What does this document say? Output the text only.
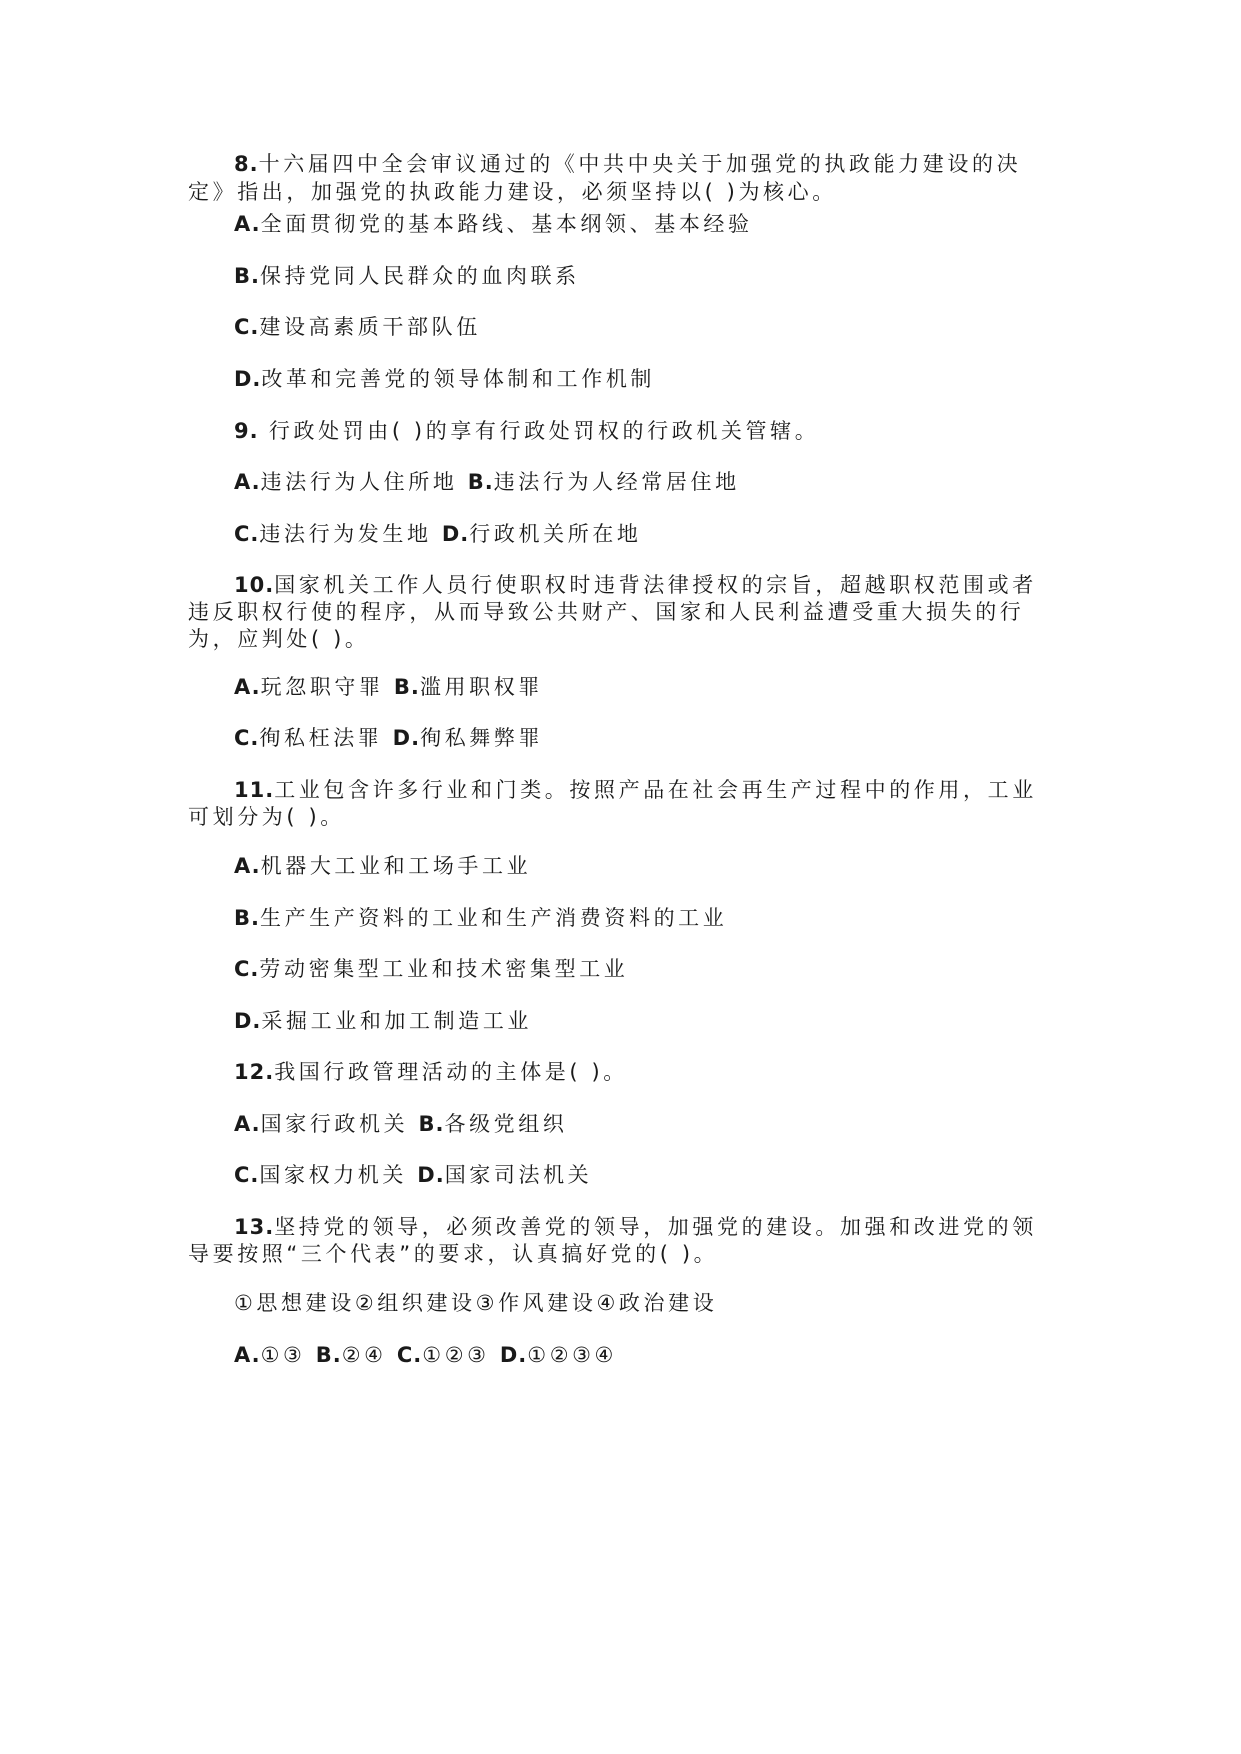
8.十六届四中全会审议通过的《中共中央关于加强党的执政能力建设的决
定》指出，加强党的执政能力建设，必须坚持以( )为核心。
A.全面贯彻党的基本路线、基本纲领、基本经验
B.保持党同人民群众的血肉联系
C.建设高素质干部队伍
D.改革和完善党的领导体制和工作机制
9. 行政处罚由( )的享有行政处罚权的行政机关管辖。
A.违法行为人住所地 B.违法行为人经常居住地
C.违法行为发生地 D.行政机关所在地
10.国家机关工作人员行使职权时违背法律授权的宗旨，超越职权范围或者
违反职权行使的程序，从而导致公共财产、国家和人民利益遭受重大损失的行
为，应判处( )。
A.玩忽职守罪 B.滥用职权罪
C.徇私枉法罪 D.徇私舞弊罪
11.工业包含许多行业和门类。按照产品在社会再生产过程中的作用，工业
可划分为( )。
A.机器大工业和工场手工业
B.生产生产资料的工业和生产消费资料的工业
C.劳动密集型工业和技术密集型工业
D.采掘工业和加工制造工业
12.我国行政管理活动的主体是( )。
A.国家行政机关 B.各级党组织
C.国家权力机关 D.国家司法机关
13.坚持党的领导，必须改善党的领导，加强党的建设。加强和改进党的领
导要按照“三个代表”的要求，认真搞好党的( )。
①思想建设②组织建设③作风建设④政治建设
A.①③ B.②④ C.①②③ D.①②③④
